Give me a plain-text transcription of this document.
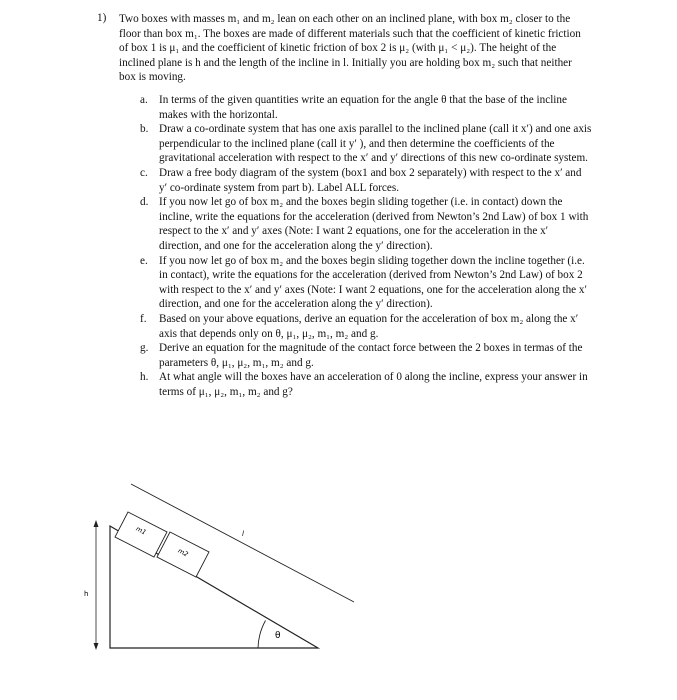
1) Two boxes with masses m₁ and m₂ lean on each other on an inclined plane, with box m₂ closer to the floor than box m₁. The boxes are made of different materials such that the coefficient of kinetic friction of box 1 is μ₁ and the coefficient of kinetic friction of box 2 is μ₂ (with μ₁ < μ₂). The height of the inclined plane is h and the length of the incline in l. Initially you are holding box m₂ such that neither box is moving.
a. In terms of the given quantities write an equation for the angle θ that the base of the incline makes with the horizontal.
b. Draw a co-ordinate system that has one axis parallel to the inclined plane (call it x′) and one axis perpendicular to the inclined plane (call it y′ ), and then determine the coefficients of the gravitational acceleration with respect to the x′ and y′ directions of this new co-ordinate system.
c. Draw a free body diagram of the system (box1 and box 2 separately) with respect to the x′ and y′ co-ordinate system from part b). Label ALL forces.
d. If you now let go of box m₂ and the boxes begin sliding together (i.e. in contact) down the incline, write the equations for the acceleration (derived from Newton’s 2nd Law) of box 1 with respect to the x′ and y′ axes (Note: I want 2 equations, one for the acceleration in the x′ direction, and one for the acceleration along the y′ direction).
e. If you now let go of box m₂ and the boxes begin sliding together down the incline together (i.e. in contact), write the equations for the acceleration (derived from Newton’s 2nd Law) of box 2 with respect to the x′ and y′ axes (Note: I want 2 equations, one for the acceleration along the x′ direction, and one for the acceleration along the y′ direction).
f. Based on your above equations, derive an equation for the acceleration of box m₂ along the x′ axis that depends only on θ, μ₁, μ₂, m₁, m₂ and g.
g. Derive an equation for the magnitude of the contact force between the 2 boxes in termas of the parameters θ, μ₁, μ₂, m₁, m₂ and g.
h. At what angle will the boxes have an acceleration of 0 along the incline, express your answer in terms of μ₁, μ₂, m₁, m₂ and g?
h
l
m1
m2
θ
